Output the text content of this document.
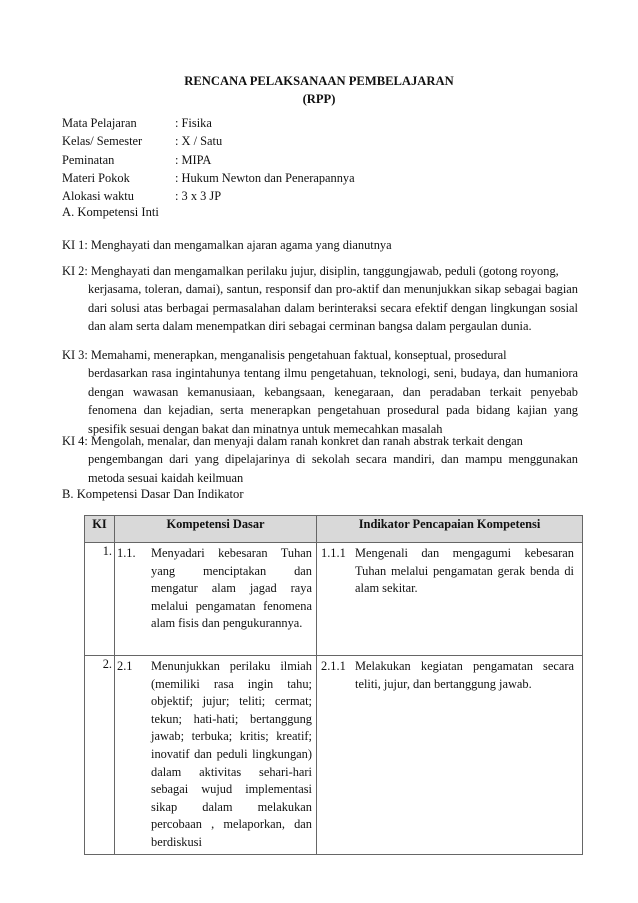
RENCANA PELAKSANAAN PEMBELAJARAN
(RPP)
Mata Pelajaran	: Fisika
Kelas/ Semester	: X / Satu
Peminatan	: MIPA
Materi Pokok	: Hukum Newton dan Penerapannya
Alokasi waktu	: 3 x 3 JP
A. Kompetensi Inti
KI 1: Menghayati dan mengamalkan ajaran agama yang dianutnya
KI 2: Menghayati dan mengamalkan perilaku jujur, disiplin, tanggungjawab, peduli (gotong royong,
kerjasama, toleran, damai), santun, responsif dan pro-aktif dan menunjukkan sikap sebagai bagian dari solusi atas berbagai permasalahan dalam berinteraksi secara efektif dengan lingkungan sosial dan alam serta dalam menempatkan diri sebagai cerminan bangsa dalam pergaulan dunia.
KI 3: Memahami, menerapkan, menganalisis pengetahuan faktual, konseptual, prosedural
berdasarkan rasa ingintahunya tentang ilmu pengetahuan, teknologi, seni, budaya, dan humaniora dengan wawasan kemanusiaan, kebangsaan, kenegaraan, dan peradaban terkait penyebab fenomena dan kejadian, serta menerapkan pengetahuan prosedural pada bidang kajian yang spesifik sesuai dengan bakat dan minatnya untuk memecahkan masalah
KI 4: Mengolah, menalar, dan menyaji dalam ranah konkret dan ranah abstrak terkait dengan
pengembangan dari yang dipelajarinya di sekolah secara mandiri, dan mampu menggunakan metoda sesuai kaidah keilmuan
B. Kompetensi Dasar Dan Indikator
KI	Kompetensi Dasar	Indikator Pencapaian Kompetensi
1.	1.1. Menyadari kebesaran Tuhan yang menciptakan dan mengatur alam jagad raya melalui pengamatan fenomena alam fisis dan pengukurannya.	1.1.1 Mengenali dan mengagumi kebesaran Tuhan melalui pengamatan gerak benda di alam sekitar.

2.	2.1 Menunjukkan perilaku ilmiah (memiliki rasa ingin tahu; objektif; jujur; teliti; cermat; tekun; hati-hati; bertanggung jawab; terbuka; kritis; kreatif; inovatif dan peduli lingkungan) dalam aktivitas sehari-hari sebagai wujud implementasi sikap dalam melakukan percobaan , melaporkan, dan berdiskusi	2.1.1 Melakukan kegiatan pengamatan secara teliti, jujur, dan bertanggung jawab.
